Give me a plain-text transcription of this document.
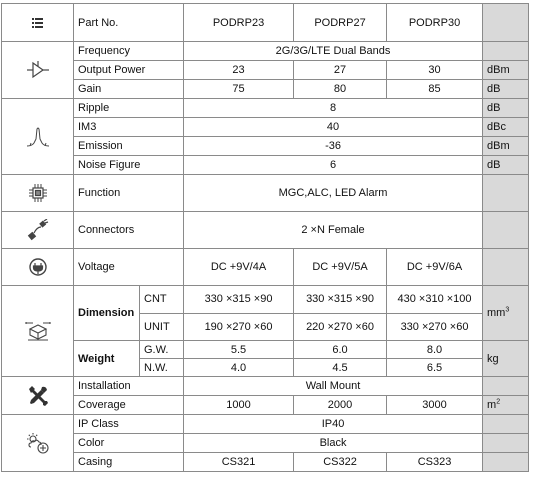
	Part No.		PODRP23	PODRP27	PODRP30	

	Frequency		2G/3G/LTE Dual Bands			
	Output Power		23	27	30	dBm
	Gain		75	80	85	dB

	Ripple		8			dB
	IM3		40			dBc
	Emission		-36			dBm
	Noise Figure		6			dB

	Function		MGC,ALC, LED Alarm			

	Connectors		2 ×N Female			

	Voltage		DC +9V/4A	DC +9V/5A	DC +9V/6A	

	Dimension	CNT	330 ×315 ×90	330 ×315 ×90	430 ×310 ×100	$mm^3$
		UNIT	190 ×270 ×60	220 ×270 ×60	330 ×270 ×60	
	Weight	G.W.	5.5	6.0	8.0	kg
		N.W.	4.0	4.5	6.5	

	Installation		Wall Mount			
	Coverage		1000	2000	3000	$m^2$

	IP Class		IP40			
	Color		Black			
	Casing		CS321	CS322	CS323	
